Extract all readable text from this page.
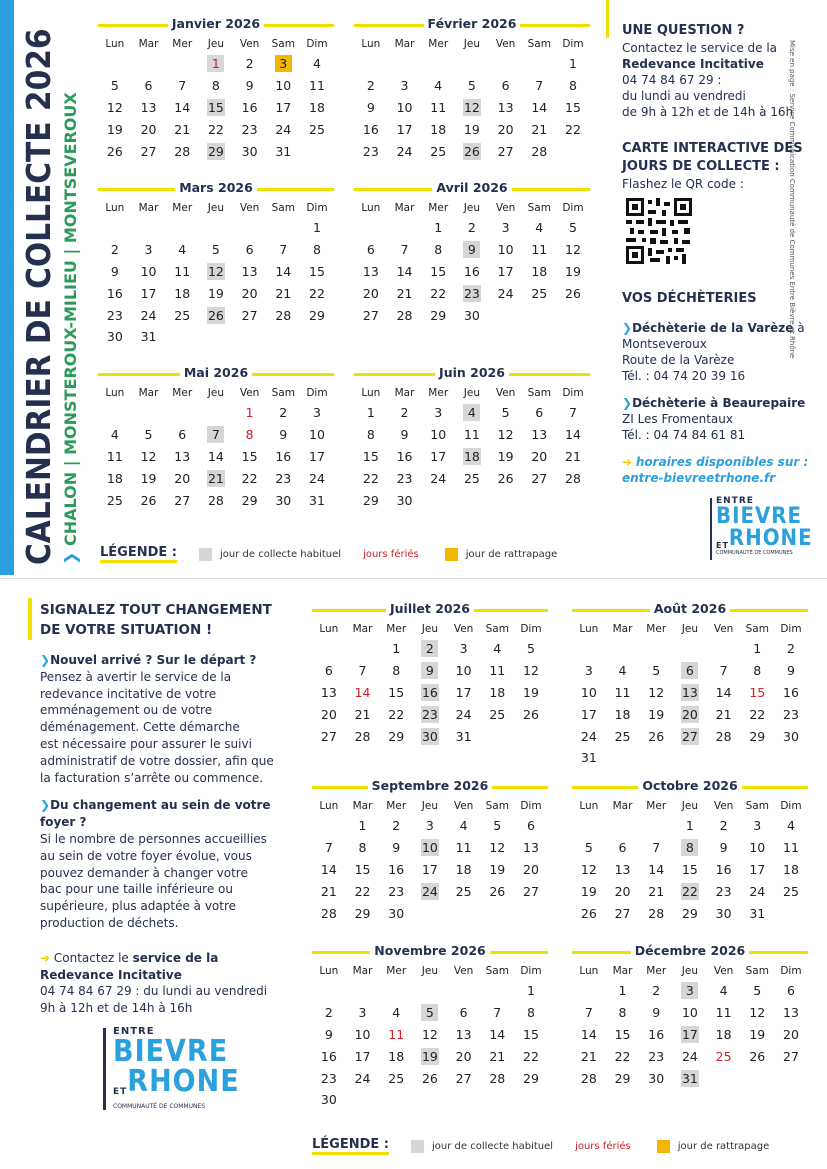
CALENDRIER DE COLLECTE 2026 ❯ CHALON | MONSTEROUX-MILIEU | MONTSEVEROUX
Janvier 2026
Lun	Mar	Mer	Jeu	Ven	Sam	Dim
			1	2	3	4
5	6	7	8	9	10	11
12	13	14	15	16	17	18
19	20	21	22	23	24	25
26	27	28	29	30	31	
Février 2026
Lun	Mar	Mer	Jeu	Ven	Sam	Dim
						1
2	3	4	5	6	7	8
9	10	11	12	13	14	15
16	17	18	19	20	21	22
23	24	25	26	27	28	
Mars 2026
Lun	Mar	Mer	Jeu	Ven	Sam	Dim
						1
2	3	4	5	6	7	8
9	10	11	12	13	14	15
16	17	18	19	20	21	22
23	24	25	26	27	28	29
30	31					
Avril 2026
Lun	Mar	Mer	Jeu	Ven	Sam	Dim
		1	2	3	4	5
6	7	8	9	10	11	12
13	14	15	16	17	18	19
20	21	22	23	24	25	26
27	28	29	30			
Mai 2026
Lun	Mar	Mer	Jeu	Ven	Sam	Dim
				1	2	3
4	5	6	7	8	9	10
11	12	13	14	15	16	17
18	19	20	21	22	23	24
25	26	27	28	29	30	31
Juin 2026
Lun	Mar	Mer	Jeu	Ven	Sam	Dim
1	2	3	4	5	6	7
8	9	10	11	12	13	14
15	16	17	18	19	20	21
22	23	24	25	26	27	28
29	30					
Juillet 2026
Lun	Mar	Mer	Jeu	Ven	Sam	Dim
		1	2	3	4	5
6	7	8	9	10	11	12
13	14	15	16	17	18	19
20	21	22	23	24	25	26
27	28	29	30	31		
Août 2026
Lun	Mar	Mer	Jeu	Ven	Sam	Dim
					1	2
3	4	5	6	7	8	9
10	11	12	13	14	15	16
17	18	19	20	21	22	23
24	25	26	27	28	29	30
31						
Septembre 2026
Lun	Mar	Mer	Jeu	Ven	Sam	Dim
	1	2	3	4	5	6
7	8	9	10	11	12	13
14	15	16	17	18	19	20
21	22	23	24	25	26	27
28	29	30				
Octobre 2026
Lun	Mar	Mer	Jeu	Ven	Sam	Dim
			1	2	3	4
5	6	7	8	9	10	11
12	13	14	15	16	17	18
19	20	21	22	23	24	25
26	27	28	29	30	31	
Novembre 2026
Lun	Mar	Mer	Jeu	Ven	Sam	Dim
						1
2	3	4	5	6	7	8
9	10	11	12	13	14	15
16	17	18	19	20	21	22
23	24	25	26	27	28	29
30						
Décembre 2026
Lun	Mar	Mer	Jeu	Ven	Sam	Dim
	1	2	3	4	5	6
7	8	9	10	11	12	13
14	15	16	17	18	19	20
21	22	23	24	25	26	27
28	29	30	31			
UNE QUESTION ?
Contactez le service de la
Redevance Incitative
04 74 84 67 29 :
du lundi au vendredi
de 9h à 12h et de 14h à 16h
CARTE INTERACTIVE DES
JOURS DE COLLECTE :
Flashez le QR code :
VOS DÉCHÈTERIES
❯Déchèterie de la Varèze à
Montseveroux
Route de la Varèze
Tél. : 04 74 20 39 16
❯Déchèterie à Beaurepaire
ZI Les Fromentaux
Tél. : 04 74 84 61 81
➜ horaires disponibles sur :
entre-bievreetrhone.fr
ENTRE
BIEVRE
ET RHONE
COMMUNAUTÉ DE COMMUNES
Mise en page : Service Communication Communauté de Communes Entre Bièvre et Rhône
LÉGENDE :	jour de collecte habituel jours fériés	jour de rattrapage
SIGNALEZ TOUT CHANGEMENT
DE VOTRE SITUATION !
❯Nouvel arrivé ? Sur le départ ?
Pensez à avertir le service de la
redevance incitative de votre
emménagement ou de votre
déménagement. Cette démarche
est nécessaire pour assurer le suivi
administratif de votre dossier, afin que
la facturation s’arrête ou commence.
❯Du changement au sein de votre foyer ?
Si le nombre de personnes accueillies
au sein de votre foyer évolue, vous
pouvez demander à changer votre
bac pour une taille inférieure ou
supérieure, plus adaptée à votre
production de déchets.
➜ Contactez le service de la
Redevance Incitative
04 74 84 67 29 : du lundi au vendredi
9h à 12h et de 14h à 16h
ENTRE
BIEVRE
ET RHONE
COMMUNAUTÉ DE COMMUNES
LÉGENDE :	jour de collecte habituel jours fériés	jour de rattrapage
